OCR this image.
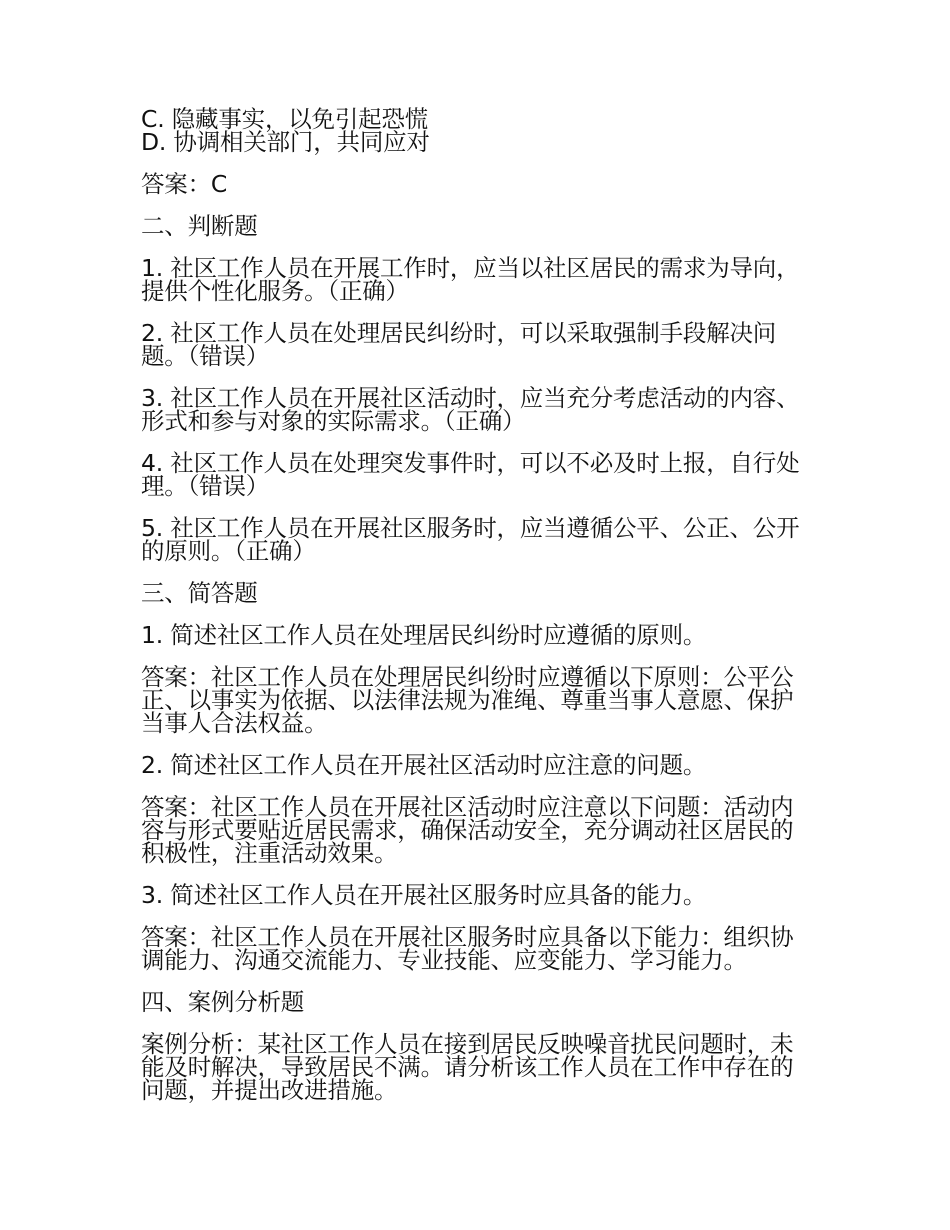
C. 隐藏事实，以免引起恐慌

D. 协调相关部门，共同应对

答案：C

二、判断题

1. 社区工作人员在开展工作时，应当以社区居民的需求为导向，提供个性化服务。（正确）

2. 社区工作人员在处理居民纠纷时，可以采取强制手段解决问题。（错误）

3. 社区工作人员在开展社区活动时，应当充分考虑活动的内容、形式和参与对象的实际需求。（正确）

4. 社区工作人员在处理突发事件时，可以不必及时上报，自行处理。（错误）

5. 社区工作人员在开展社区服务时，应当遵循公平、公正、公开的原则。（正确）

三、简答题

1. 简述社区工作人员在处理居民纠纷时应遵循的原则。

答案：社区工作人员在处理居民纠纷时应遵循以下原则：公平公正、以事实为依据、以法律法规为准绳、尊重当事人意愿、保护当事人合法权益。

2. 简述社区工作人员在开展社区活动时应注意的问题。

答案：社区工作人员在开展社区活动时应注意以下问题：活动内容与形式要贴近居民需求，确保活动安全，充分调动社区居民的积极性，注重活动效果。

3. 简述社区工作人员在开展社区服务时应具备的能力。

答案：社区工作人员在开展社区服务时应具备以下能力：组织协调能力、沟通交流能力、专业技能、应变能力、学习能力。

四、案例分析题

案例分析：某社区工作人员在接到居民反映噪音扰民问题时，未能及时解决，导致居民不满。请分析该工作人员在工作中存在的问题，并提出改进措施。
